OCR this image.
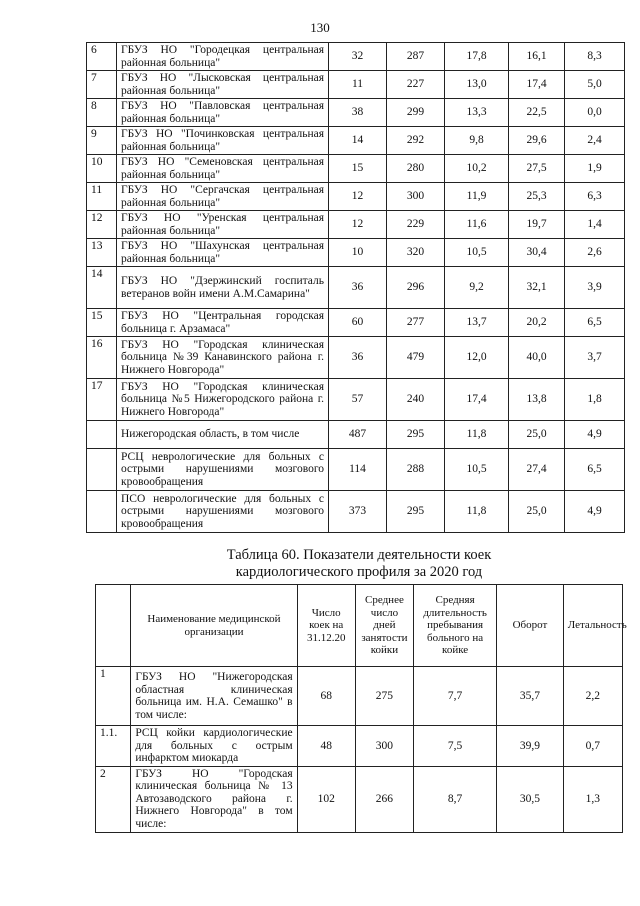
130
6	ГБУЗ НО "Городецкая центральная районная больница"	32	287	17,8	16,1	8,3
7	ГБУЗ НО "Лысковская центральная районная больница"	11	227	13,0	17,4	5,0
8	ГБУЗ НО "Павловская центральная районная больница"	38	299	13,3	22,5	0,0
9	ГБУЗ НО "Починковская центральная районная больница"	14	292	9,8	29,6	2,4
10	ГБУЗ НО "Семеновская центральная районная больница"	15	280	10,2	27,5	1,9
11	ГБУЗ НО "Сергачская центральная районная больница"	12	300	11,9	25,3	6,3
12	ГБУЗ НО "Уренская центральная районная больница"	12	229	11,6	19,7	1,4
13	ГБУЗ НО "Шахунская центральная районная больница"	10	320	10,5	30,4	2,6
14	ГБУЗ НО "Дзержинский госпиталь ветеранов войн имени А.М.Самарина"	36	296	9,2	32,1	3,9
15	ГБУЗ НО "Центральная городская больница г. Арзамаса"	60	277	13,7	20,2	6,5
16	ГБУЗ НО "Городская клиническая больница №39 Канавинского района г. Нижнего Новгорода"	36	479	12,0	40,0	3,7
17	ГБУЗ НО "Городская клиническая больница №5 Нижегородского района г. Нижнего Новгорода"	57	240	17,4	13,8	1,8
	Нижегородская область, в том числе	487	295	11,8	25,0	4,9
	РСЦ неврологические для больных с острыми нарушениями мозгового кровообращения	114	288	10,5	27,4	6,5
	ПСО неврологические для больных с острыми нарушениями мозгового кровообращения	373	295	11,8	25,0	4,9
Таблица 60. Показатели деятельности коек
кардиологического профиля за 2020 год
	Наименование медицинской организации	Число коек на 31.12.20	Среднее число дней занятости койки	Средняя длительность пребывания больного на койке	Оборот	Летальность
1	ГБУЗ НО "Нижегородская областная клиническая больница им. Н.А. Семашко" в том числе:	68	275	7,7	35,7	2,2
1.1.	РСЦ койки кардиологические для больных с острым инфарктом миокарда	48	300	7,5	39,9	0,7
2	ГБУЗ НО "Городская клиническая больница № 13 Автозаводского района г. Нижнего Новгорода" в том числе:	102	266	8,7	30,5	1,3
